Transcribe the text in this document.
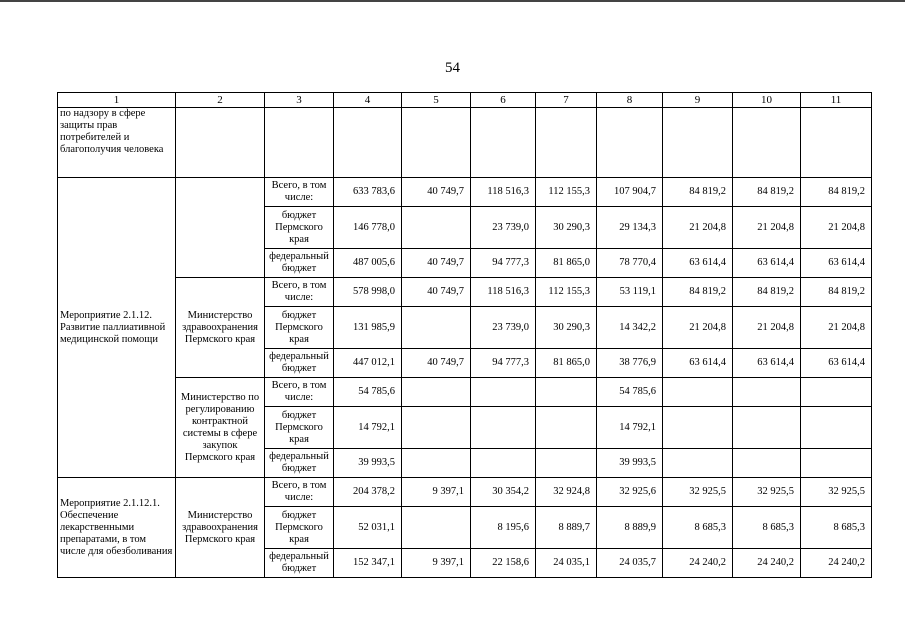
54
1	2	3	4	5	6	7	8	9	10	11
по надзору в сфере защиты прав потребителей и благополучия человека										
Мероприятие 2.1.12. Развитие паллиативной медицинской помощи		Всего, в том числе:	633 783,6	40 749,7	118 516,3	112 155,3	107 904,7	84 819,2	84 819,2	84 819,2
		бюджет Пермского края	146 778,0		23 739,0	30 290,3	29 134,3	21 204,8	21 204,8	21 204,8
		федеральный бюджет	487 005,6	40 749,7	94 777,3	81 865,0	78 770,4	63 614,4	63 614,4	63 614,4
	Министерство здравоохранения Пермского края	Всего, в том числе:	578 998,0	40 749,7	118 516,3	112 155,3	53 119,1	84 819,2	84 819,2	84 819,2
		бюджет Пермского края	131 985,9		23 739,0	30 290,3	14 342,2	21 204,8	21 204,8	21 204,8
		федеральный бюджет	447 012,1	40 749,7	94 777,3	81 865,0	38 776,9	63 614,4	63 614,4	63 614,4
	Министерство по регулированию контрактной системы в сфере закупок Пермского края	Всего, в том числе:	54 785,6				54 785,6			
		бюджет Пермского края	14 792,1				14 792,1			
		федеральный бюджет	39 993,5				39 993,5			
Мероприятие 2.1.12.1. Обеспечение лекарственными препаратами, в том числе для обезболивания	Министерство здравоохранения Пермского края	Всего, в том числе:	204 378,2	9 397,1	30 354,2	32 924,8	32 925,6	32 925,5	32 925,5	32 925,5
		бюджет Пермского края	52 031,1		8 195,6	8 889,7	8 889,9	8 685,3	8 685,3	8 685,3
		федеральный бюджет	152 347,1	9 397,1	22 158,6	24 035,1	24 035,7	24 240,2	24 240,2	24 240,2
